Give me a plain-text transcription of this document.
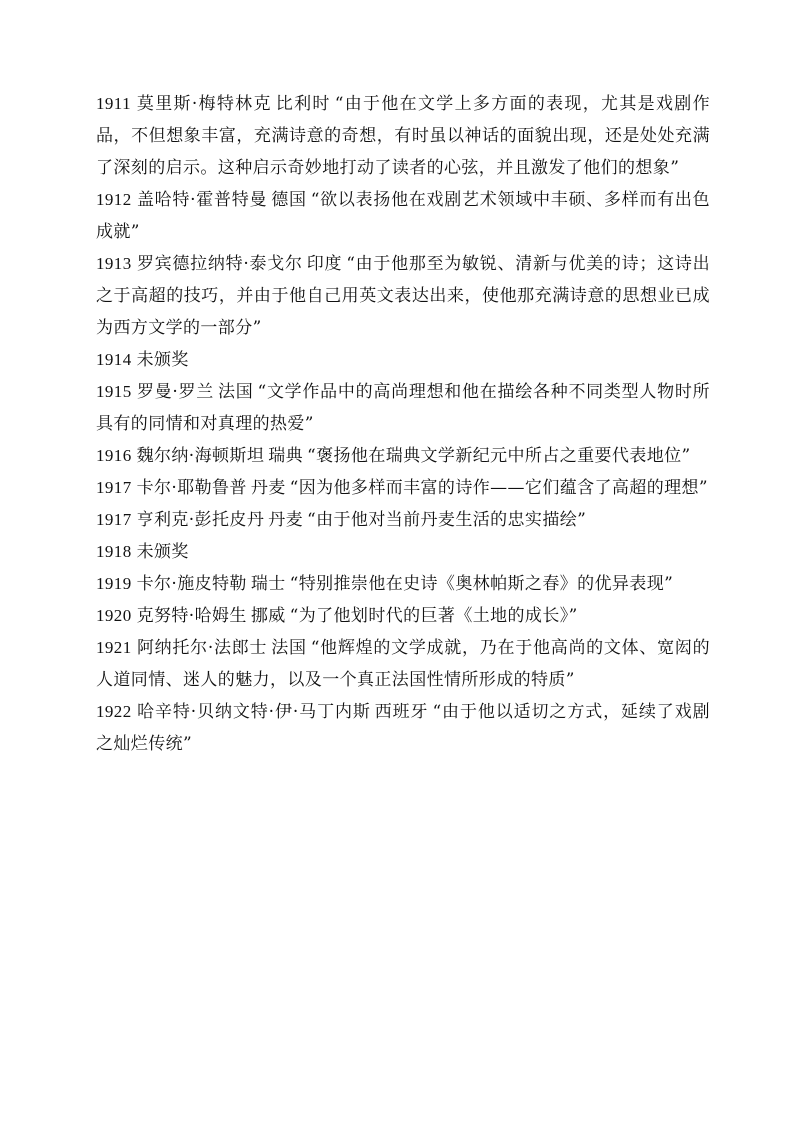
1911 莫里斯·梅特林克 比利时 “由于他在文学上多方面的表现，尤其是戏剧作品，不但想象丰富，充满诗意的奇想，有时虽以神话的面貌出现，还是处处充满了深刻的启示。这种启示奇妙地打动了读者的心弦，并且激发了他们的想象”

1912 盖哈特·霍普特曼 德国 “欲以表扬他在戏剧艺术领域中丰硕、多样而有出色成就”

1913 罗宾德拉纳特·泰戈尔 印度 “由于他那至为敏锐、清新与优美的诗；这诗出之于高超的技巧，并由于他自己用英文表达出来，使他那充满诗意的思想业已成为西方文学的一部分”

1914 未颁奖

1915 罗曼·罗兰 法国 “文学作品中的高尚理想和他在描绘各种不同类型人物时所具有的同情和对真理的热爱”

1916 魏尔纳·海顿斯坦 瑞典 “褒扬他在瑞典文学新纪元中所占之重要代表地位”

1917 卡尔·耶勒鲁普 丹麦 “因为他多样而丰富的诗作——它们蕴含了高超的理想”

1917 亨利克·彭托皮丹 丹麦 “由于他对当前丹麦生活的忠实描绘”

1918 未颁奖

1919 卡尔·施皮特勒 瑞士 “特别推崇他在史诗《奥林帕斯之春》的优异表现”

1920 克努特·哈姆生 挪威 “为了他划时代的巨著《土地的成长》”

1921 阿纳托尔·法郎士 法国 “他辉煌的文学成就，乃在于他高尚的文体、宽闳的人道同情、迷人的魅力，以及一个真正法国性情所形成的特质”

1922 哈辛特·贝纳文特·伊·马丁内斯 西班牙 “由于他以适切之方式，延续了戏剧之灿烂传统”
